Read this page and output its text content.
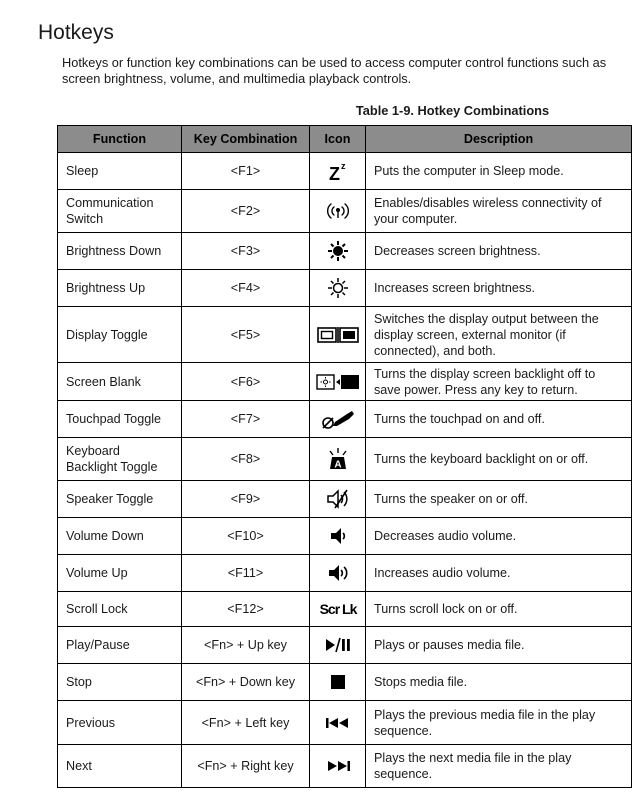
Hotkeys

Hotkeys or function key combinations can be used to access computer control functions such as screen brightness, volume, and multimedia playback controls.

Table 1-9. Hotkey Combinations

Function	Key Combination	Icon	Description
Sleep	<F1>	Z z	Puts the computer in Sleep mode.
Communication Switch	<F2>		Enables/disables wireless connectivity of your computer.
Brightness Down	<F3>		Decreases screen brightness.
Brightness Up	<F4>		Increases screen brightness.
Display Toggle	<F5>		Switches the display output between the display screen, external monitor (if connected), and both.
Screen Blank	<F6>		Turns the display screen backlight off to save power. Press any key to return.
Touchpad Toggle	<F7>		Turns the touchpad on and off.
Keyboard Backlight Toggle	<F8>	A	Turns the keyboard backlight on or off.
Speaker Toggle	<F9>		Turns the speaker on or off.
Volume Down	<F10>		Decreases audio volume.
Volume Up	<F11>		Increases audio volume.
Scroll Lock	<F12>	Scr Lk	Turns scroll lock on or off.
Play/Pause	<Fn> + Up key		Plays or pauses media file.
Stop	<Fn> + Down key		Stops media file.
Previous	<Fn> + Left key		Plays the previous media file in the play sequence.
Next	<Fn> + Right key		Plays the next media file in the play sequence.
